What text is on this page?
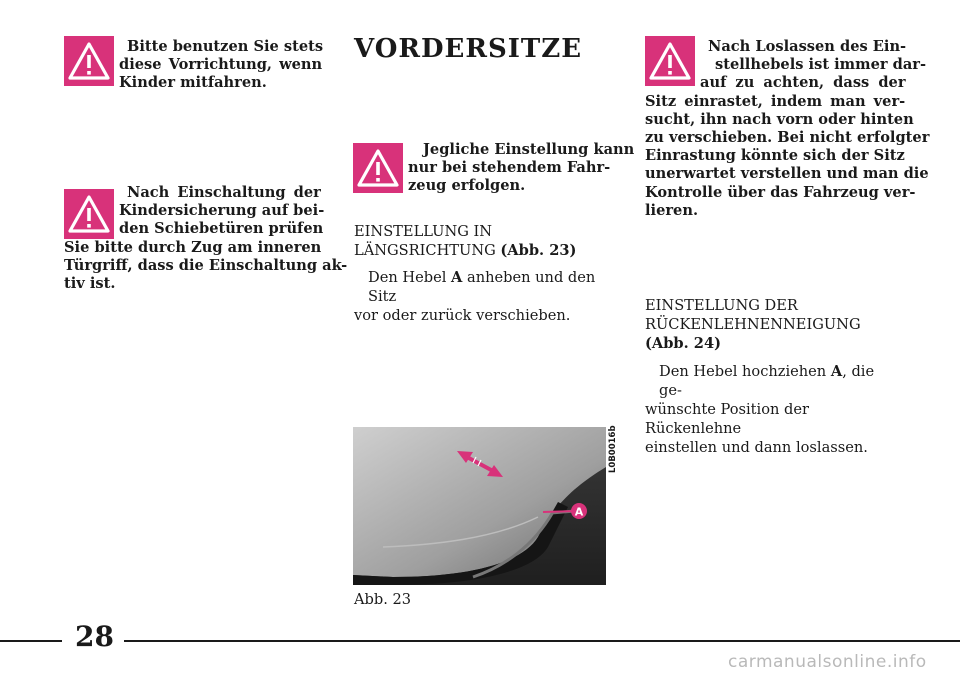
Bitte benutzen Sie stets
diese Vorrichtung, wenn
Kinder mitfahren.
Nach Einschaltung der
Kindersicherung auf bei-
den Schiebetüren prüfen
Sie bitte durch Zug am inneren
Türgriff, dass die Einschaltung ak-
tiv ist.
VORDERSITZE
Jegliche Einstellung kann
nur bei stehendem Fahr-
zeug erfolgen.
EINSTELLUNG IN
LÄNGSRICHTUNG (Abb. 23)
Den Hebel A anheben und den Sitz
vor oder zurück verschieben.
A
L0B0016b
Abb. 23
Nach Loslassen des Ein-
stellhebels ist immer dar-
auf zu achten, dass der
Sitz einrastet, indem man ver-
sucht, ihn nach vorn oder hinten
zu verschieben. Bei nicht erfolgter
Einrastung könnte sich der Sitz
unerwartet verstellen und man die
Kontrolle über das Fahrzeug ver-
lieren.
EINSTELLUNG DER
RÜCKENLEHNENNEIGUNG
(Abb. 24)
Den Hebel hochziehen A, die ge-
wünschte Position der Rückenlehne
einstellen und dann loslassen.
28
carmanualsonline.info
